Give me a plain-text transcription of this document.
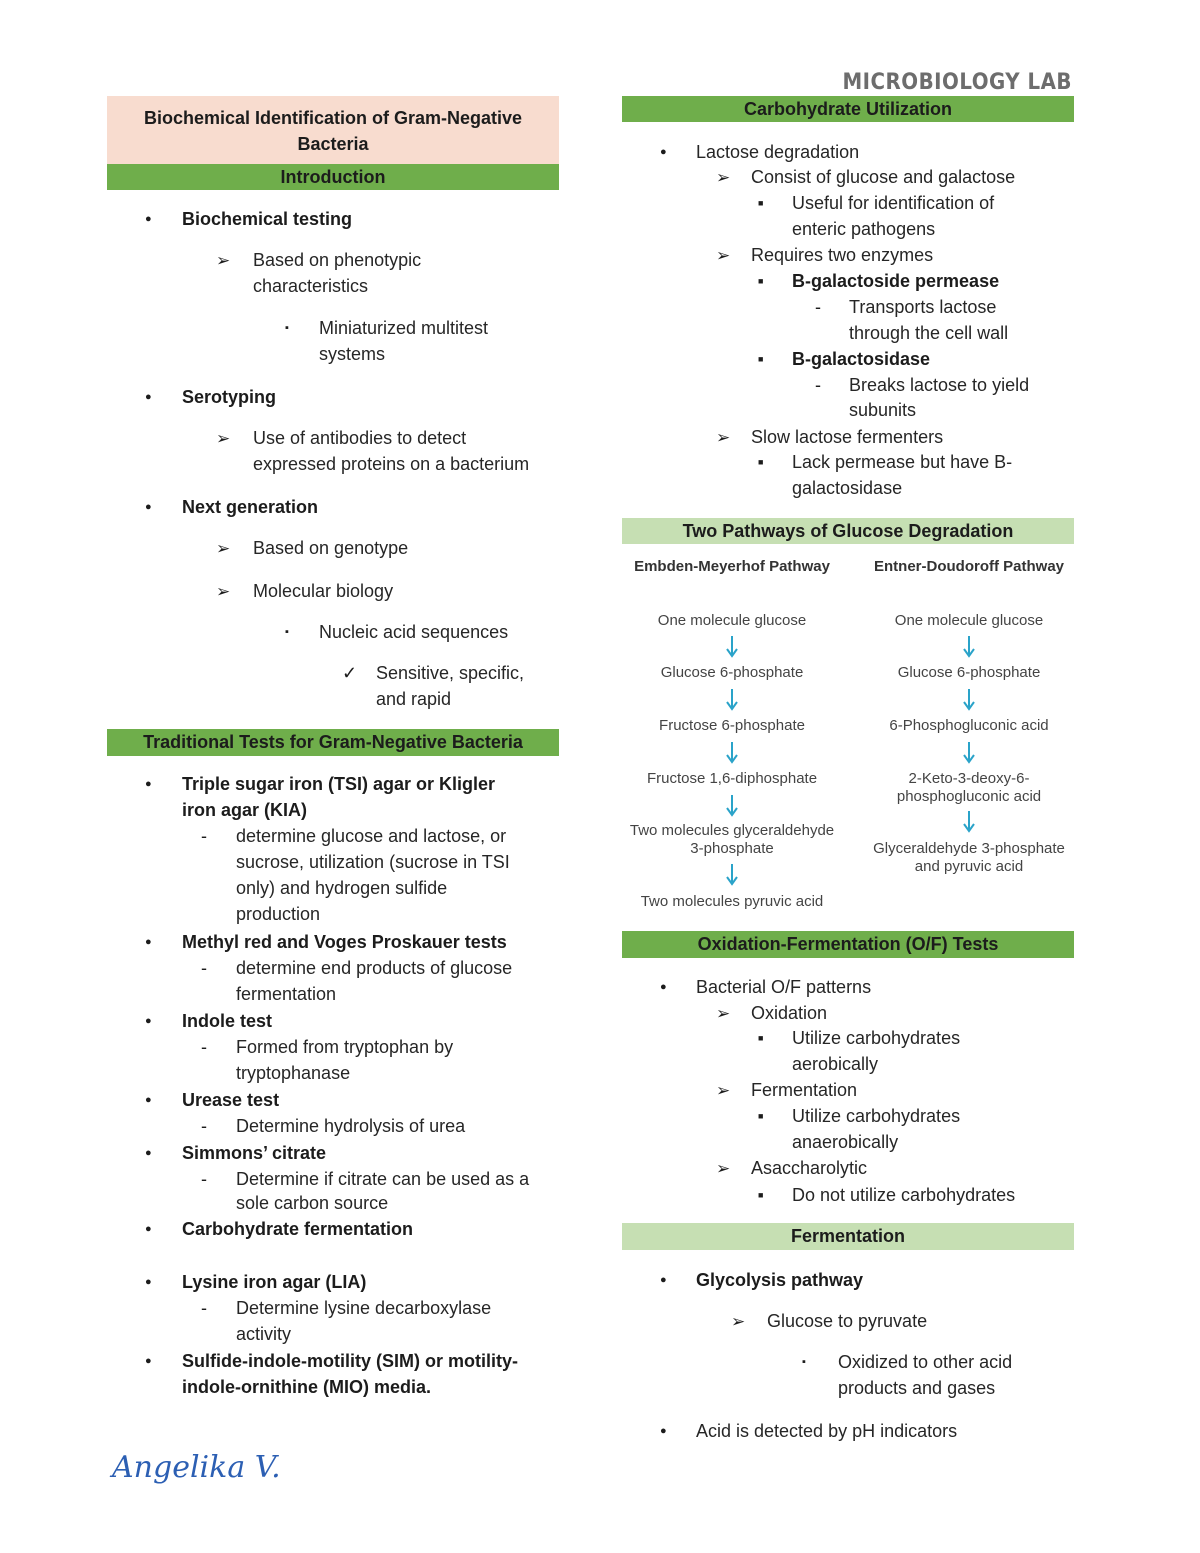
MICROBIOLOGY LAB
Biochemical Identification of Gram-Negative
Bacteria
Introduction
●
Biochemical testing
➢
Based on phenotypic
characteristics
▪
Miniaturized multitest
systems
●
Serotyping
➢
Use of antibodies to detect
expressed proteins on a bacterium
●
Next generation
➢
Based on genotype
➢
Molecular biology
▪
Nucleic acid sequences
✓
Sensitive, specific,
and rapid
Traditional Tests for Gram-Negative Bacteria
●
Triple sugar iron (TSI) agar or Kligler
iron agar (KIA)
-
determine glucose and lactose, or
sucrose, utilization (sucrose in TSI
only) and hydrogen sulfide
production
●
Methyl red and Voges Proskauer tests
-
determine end products of glucose
fermentation
●
Indole test
-
Formed from tryptophan by
tryptophanase
●
Urease test
-
Determine hydrolysis of urea
●
Simmons’ citrate
-
Determine if citrate can be used as a
sole carbon source
●
Carbohydrate fermentation
●
Lysine iron agar (LIA)
-
Determine lysine decarboxylase
activity
●
Sulfide-indole-motility (SIM) or motility-
indole-ornithine (MIO) media.
Angelika V.
Carbohydrate Utilization
●
Lactose degradation
➢
Consist of glucose and galactose
■
Useful for identification of
enteric pathogens
➢
Requires two enzymes
■
B-galactoside permease
-
Transports lactose
through the cell wall
■
B-galactosidase
-
Breaks lactose to yield
subunits
➢
Slow lactose fermenters
■
Lack permease but have B-
galactosidase
Two Pathways of Glucose Degradation
Embden-Meyerhof Pathway	Entner-Doudoroff Pathway
One molecule glucose
Glucose 6-phosphate
Fructose 6-phosphate
Fructose 1,6-diphosphate
Two molecules glyceraldehyde
3-phosphate
Two molecules pyruvic acid
One molecule glucose
Glucose 6-phosphate
6-Phosphogluconic acid
2-Keto-3-deoxy-6-
phosphogluconic acid
Glyceraldehyde 3-phosphate
and pyruvic acid
Oxidation-Fermentation (O/F) Tests
●
Bacterial O/F patterns
➢
Oxidation
■
Utilize carbohydrates
aerobically
➢
Fermentation
■
Utilize carbohydrates
anaerobically
➢
Asaccharolytic
■
Do not utilize carbohydrates
Fermentation
●
Glycolysis pathway
➢
Glucose to pyruvate
▪
Oxidized to other acid
products and gases
●
Acid is detected by pH indicators
